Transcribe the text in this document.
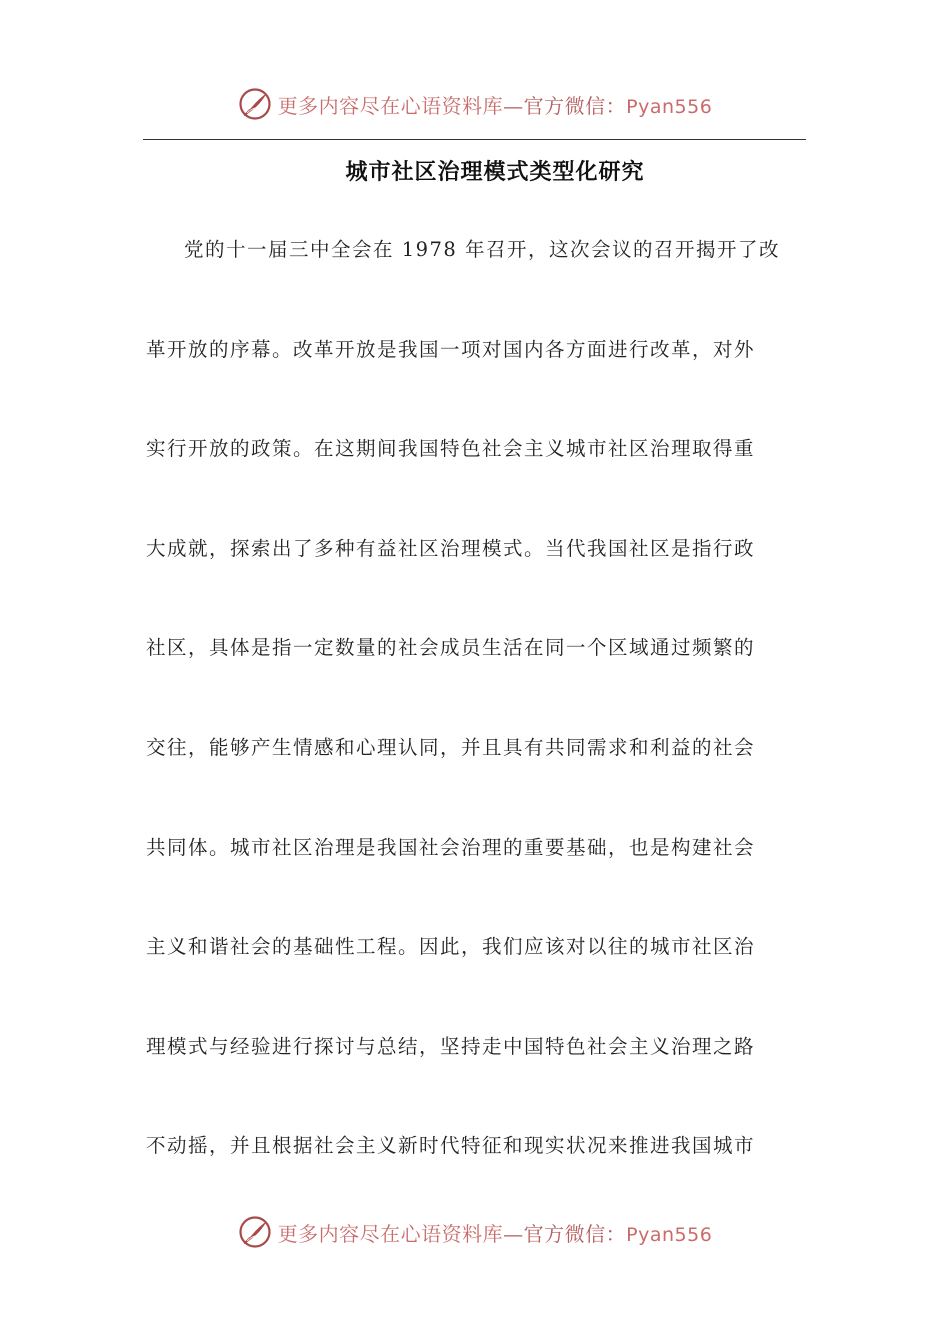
更多内容尽在心语资料库—官方微信：Pyan556
城市社区治理模式类型化研究
党的十一届三中全会在 1978 年召开，这次会议的召开揭开了改
革开放的序幕。改革开放是我国一项对国内各方面进行改革，对外
实行开放的政策。在这期间我国特色社会主义城市社区治理取得重
大成就，探索出了多种有益社区治理模式。当代我国社区是指行政
社区，具体是指一定数量的社会成员生活在同一个区域通过频繁的
交往，能够产生情感和心理认同，并且具有共同需求和利益的社会
共同体。城市社区治理是我国社会治理的重要基础，也是构建社会
主义和谐社会的基础性工程。因此，我们应该对以往的城市社区治
理模式与经验进行探讨与总结，坚持走中国特色社会主义治理之路
不动摇，并且根据社会主义新时代特征和现实状况来推进我国城市
更多内容尽在心语资料库—官方微信：Pyan556
